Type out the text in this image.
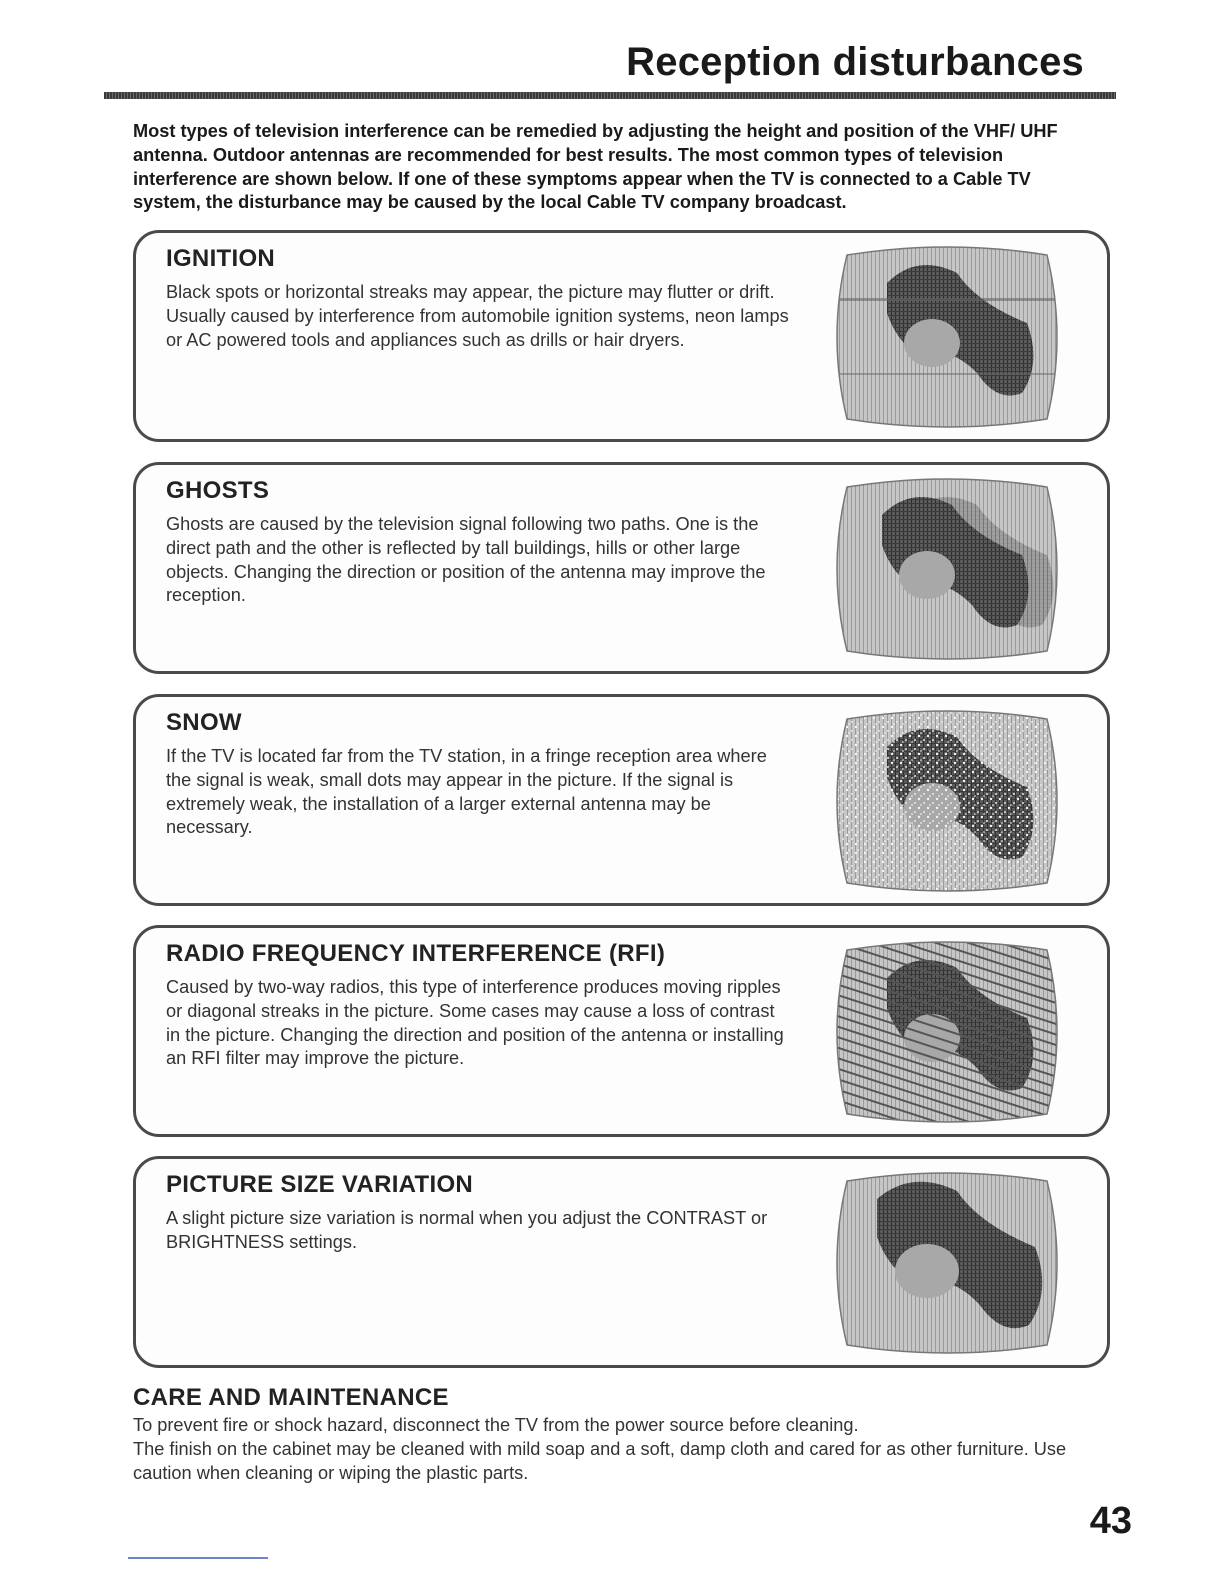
Reception disturbances

Most types of television interference can be remedied by adjusting the height and position of the VHF/ UHF antenna. Outdoor antennas are recommended for best results. The most common types of television interference are shown below. If one of these symptoms appear when the TV is connected to a Cable TV system, the disturbance may be caused by the local Cable TV company broadcast.

IGNITION

Black spots or horizontal streaks may appear, the picture may flutter or drift. Usually caused by interference from automobile ignition systems, neon lamps or AC powered tools and appliances such as drills or hair dryers.

GHOSTS

Ghosts are caused by the television signal following two paths. One is the direct path and the other is reflected by tall buildings, hills or other large objects. Changing the direction or position of the antenna may improve the reception.

SNOW

If the TV is located far from the TV station, in a fringe reception area where the signal is weak, small dots may appear in the picture. If the signal is extremely weak, the installation of a larger external antenna may be necessary.

RADIO FREQUENCY INTERFERENCE (RFI)

Caused by two-way radios, this type of interference produces moving ripples or diagonal streaks in the picture. Some cases may cause a loss of contrast in the picture. Changing the direction and position of the antenna or installing an RFI filter may improve the picture.

PICTURE SIZE VARIATION

A slight picture size variation is normal when you adjust the CONTRAST or BRIGHTNESS settings.

CARE AND MAINTENANCE
To prevent fire or shock hazard, disconnect the TV from the power source before cleaning.
The finish on the cabinet may be cleaned with mild soap and a soft, damp cloth and cared for as other furniture. Use caution when cleaning or wiping the plastic parts.
43
